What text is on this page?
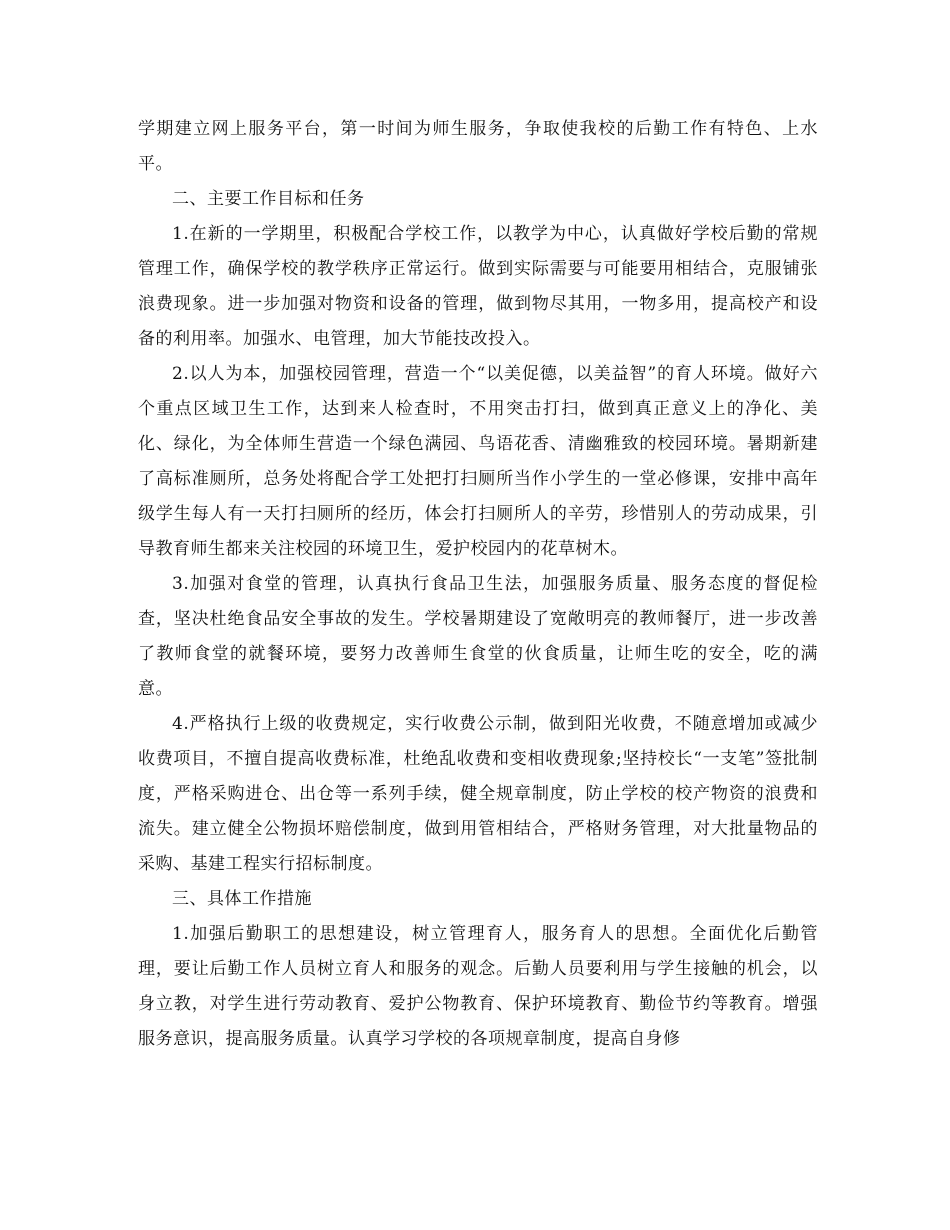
学期建立网上服务平台，第一时间为师生服务，争取使我校的后勤工作有特色、上水平。

二、主要工作目标和任务

1.在新的一学期里，积极配合学校工作，以教学为中心，认真做好学校后勤的常规管理工作，确保学校的教学秩序正常运行。做到实际需要与可能要用相结合，克服铺张浪费现象。进一步加强对物资和设备的管理，做到物尽其用，一物多用，提高校产和设备的利用率。加强水、电管理，加大节能技改投入。

2.以人为本，加强校园管理，营造一个“以美促德，以美益智”的育人环境。做好六个重点区域卫生工作，达到来人检查时，不用突击打扫，做到真正意义上的净化、美化、绿化，为全体师生营造一个绿色满园、鸟语花香、清幽雅致的校园环境。暑期新建了高标准厕所，总务处将配合学工处把打扫厕所当作小学生的一堂必修课，安排中高年级学生每人有一天打扫厕所的经历，体会打扫厕所人的辛劳，珍惜别人的劳动成果，引导教育师生都来关注校园的环境卫生，爱护校园内的花草树木。

3.加强对食堂的管理，认真执行食品卫生法，加强服务质量、服务态度的督促检查，坚决杜绝食品安全事故的发生。学校暑期建设了宽敞明亮的教师餐厅，进一步改善了教师食堂的就餐环境，要努力改善师生食堂的伙食质量，让师生吃的安全，吃的满意。

4.严格执行上级的收费规定，实行收费公示制，做到阳光收费，不随意增加或减少收费项目，不擅自提高收费标准，杜绝乱收费和变相收费现象;坚持校长“一支笔”签批制度，严格采购进仓、出仓等一系列手续，健全规章制度，防止学校的校产物资的浪费和流失。建立健全公物损坏赔偿制度，做到用管相结合，严格财务管理，对大批量物品的采购、基建工程实行招标制度。

三、具体工作措施

1.加强后勤职工的思想建设，树立管理育人，服务育人的思想。全面优化后勤管理，要让后勤工作人员树立育人和服务的观念。后勤人员要利用与学生接触的机会，以身立教，对学生进行劳动教育、爱护公物教育、保护环境教育、勤俭节约等教育。增强服务意识，提高服务质量。认真学习学校的各项规章制度，提高自身修
